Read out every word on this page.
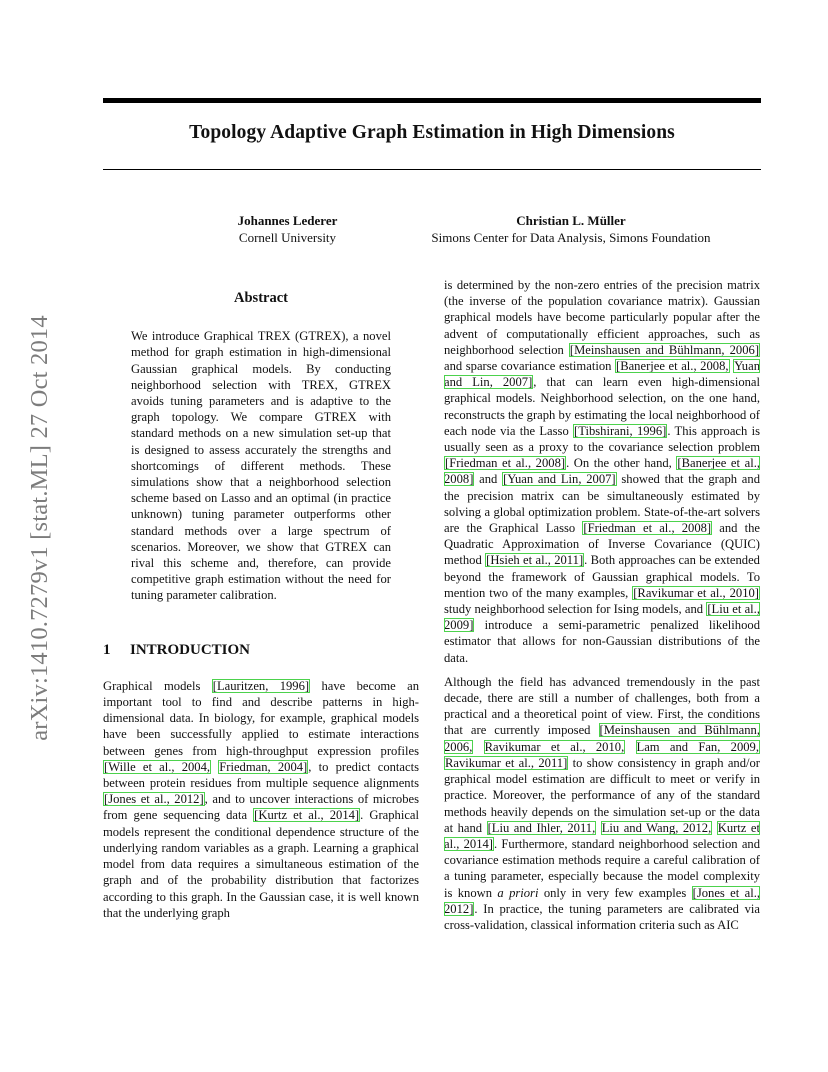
Topology Adaptive Graph Estimation in High Dimensions
Johannes Lederer
Cornell University
Christian L. Müller
Simons Center for Data Analysis, Simons Foundation
arXiv:1410.7279v1 [stat.ML] 27 Oct 2014
Abstract

We introduce Graphical TREX (GTREX), a novel method for graph estimation in high-dimensional Gaussian graphical models. By conducting neighborhood selection with TREX, GTREX avoids tuning parameters and is adaptive to the graph topology. We compare GTREX with standard methods on a new simulation set-up that is designed to assess accurately the strengths and shortcomings of different methods. These simulations show that a neighborhood selection scheme based on Lasso and an optimal (in practice unknown) tuning parameter outperforms other standard methods over a large spectrum of scenarios. Moreover, we show that GTREX can rival this scheme and, therefore, can provide competitive graph estimation without the need for tuning parameter calibration.

1 INTRODUCTION

Graphical models [Lauritzen, 1996] have become an important tool to find and describe patterns in high-dimensional data. In biology, for example, graphical models have been successfully applied to estimate interactions between genes from high-throughput expression profiles [Wille et al., 2004, Friedman, 2004], to predict contacts between protein residues from multiple sequence alignments [Jones et al., 2012], and to uncover interactions of microbes from gene sequencing data [Kurtz et al., 2014]. Graphical models represent the conditional dependence structure of the underlying random variables as a graph. Learning a graphical model from data requires a simultaneous estimation of the graph and of the probability distribution that factorizes according to this graph. In the Gaussian case, it is well known that the underlying graph

is determined by the non-zero entries of the precision matrix (the inverse of the population covariance matrix). Gaussian graphical models have become particularly popular after the advent of computationally efficient approaches, such as neighborhood selection [Meinshausen and Bühlmann, 2006] and sparse covariance estimation [Banerjee et al., 2008, Yuan and Lin, 2007], that can learn even high-dimensional graphical models. Neighborhood selection, on the one hand, reconstructs the graph by estimating the local neighborhood of each node via the Lasso [Tibshirani, 1996]. This approach is usually seen as a proxy to the covariance selection problem [Friedman et al., 2008]. On the other hand, [Banerjee et al., 2008] and [Yuan and Lin, 2007] showed that the graph and the precision matrix can be simultaneously estimated by solving a global optimization problem. State-of-the-art solvers are the Graphical Lasso [Friedman et al., 2008] and the Quadratic Approximation of Inverse Covariance (QUIC) method [Hsieh et al., 2011]. Both approaches can be extended beyond the framework of Gaussian graphical models. To mention two of the many examples, [Ravikumar et al., 2010] study neighborhood selection for Ising models, and [Liu et al., 2009] introduce a semi-parametric penalized likelihood estimator that allows for non-Gaussian distributions of the data.

Although the field has advanced tremendously in the past decade, there are still a number of challenges, both from a practical and a theoretical point of view. First, the conditions that are currently imposed [Meinshausen and Bühlmann, 2006, Ravikumar et al., 2010, Lam and Fan, 2009, Ravikumar et al., 2011] to show consistency in graph and/or graphical model estimation are difficult to meet or verify in practice. Moreover, the performance of any of the standard methods heavily depends on the simulation set-up or the data at hand [Liu and Ihler, 2011, Liu and Wang, 2012, Kurtz et al., 2014]. Furthermore, standard neighborhood selection and covariance estimation methods require a careful calibration of a tuning parameter, especially because the model complexity is known a priori only in very few examples [Jones et al., 2012]. In practice, the tuning parameters are calibrated via cross-validation, classical information criteria such as AIC
